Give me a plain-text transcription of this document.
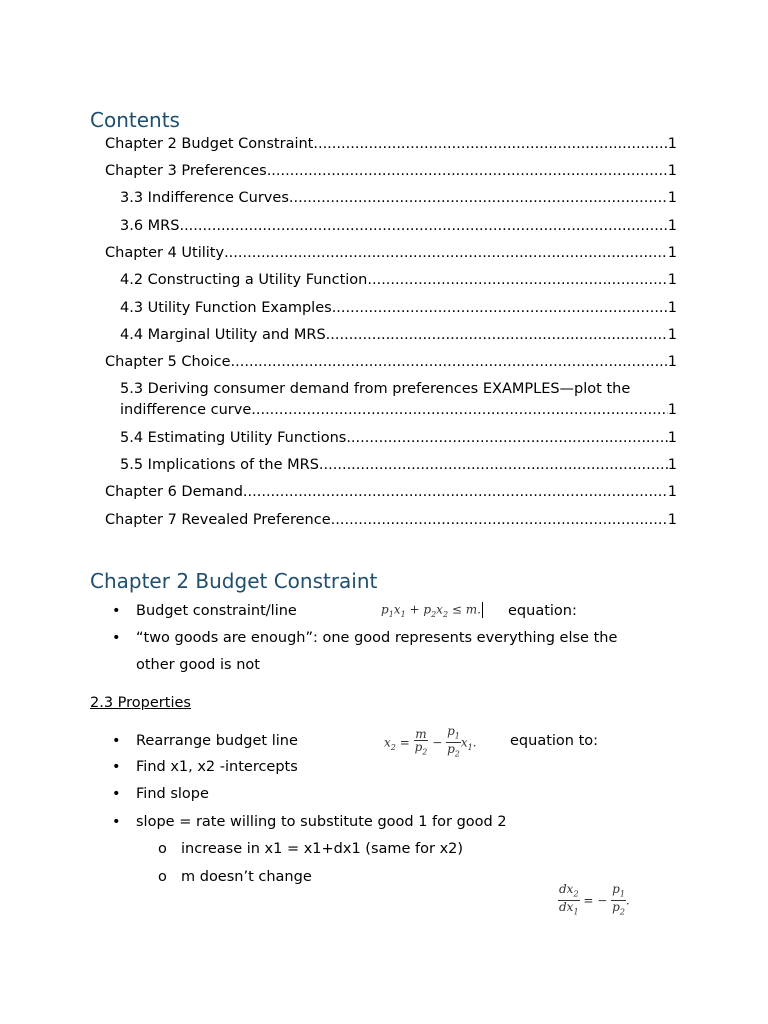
Contents
Chapter 2 Budget Constraint .....	1
Chapter 3 Preferences .....	1
3.3 Indifference Curves .....	1
3.6 MRS .....	1
Chapter 4 Utility .....	1
4.2 Constructing a Utility Function .....	1
4.3 Utility Function Examples .....	1
4.4 Marginal Utility and MRS .....	1
Chapter 5 Choice .....	1
5.3 Deriving consumer demand from preferences EXAMPLES—plot the
indifference curve .....	1
5.4 Estimating Utility Functions .....	1
5.5 Implications of the MRS .....	1
Chapter 6 Demand .....	1
Chapter 7 Revealed Preference .....	1
Chapter 2 Budget Constraint
• Budget constraint/line	$p_1x_1 + p_2x_2 \le m$. equation:
• “two goods are enough”: one good represents everything else the
other good is not
2.3 Properties
• Rearrange budget line	$x_2 = \frac{m}{p_2} - \frac{p_1}{p_2} x_1$. equation to:
• Find x1, x2 -intercepts
• Find slope
• slope = rate willing to substitute good 1 for good 2
o increase in x1 = x1+dx1 (same for x2)
o m doesn’t change
$\frac{dx_2}{dx_1}$ = − $\frac{p_1}{p_2}$ .
